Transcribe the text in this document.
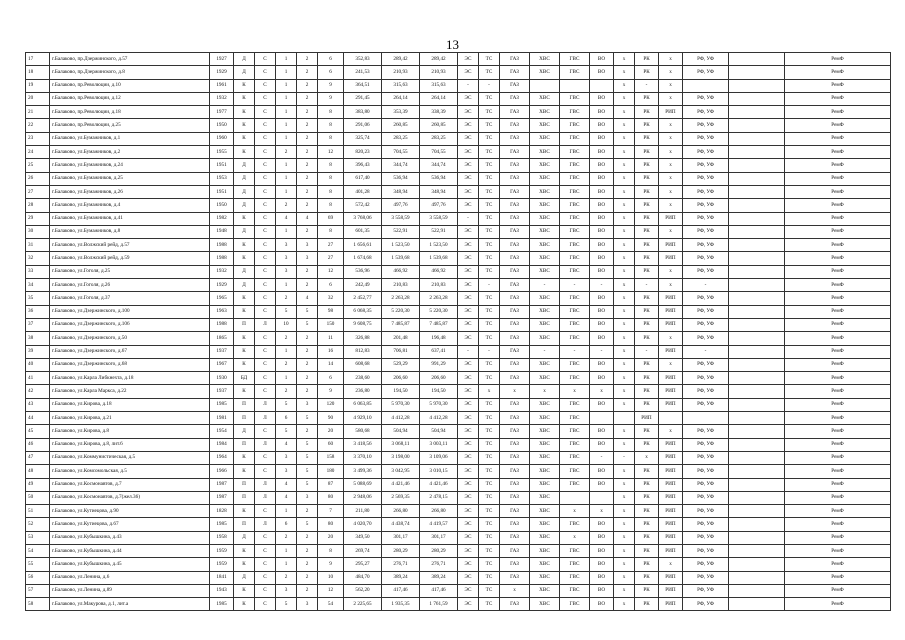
13
17	г.Балаково, пр.Дзержинского, д.57	1927	Д	С	1	2	6	352,83	289,42	289,42	ЭС	ТС	ГАЗ	ХВС	ГВС	ВО	х	РК	х	РФ, УФ		РемФ
18	г.Балаково, пр.Дзержинского, д.8	1929	Д	С	1	2	6	241,53	210,93	210,93	ЭС	ТС	ГАЗ	ХВС	ГВС	ВО	х	РК	х	РФ, УФ		РемФ
19	г.Балаково, пр.Революции, д.10	1961	К	С	1	2	9	364,51	315,63	315,63	-	-	ГАЗ				х	-	х			РемФ
20	г.Балаково, пр.Революции, д.12	1932	К	С	1	2	9	291,45	264,14	264,14	ЭС	ТС	ГАЗ	ХВС	ГВС	ВО	х	РК	х	РФ, УФ		РемФ
21	г.Балаково, пр.Революции, д.18	1977	К	С	1	2	8	383,80	353,39	338,39	ЭС	ТС	ГАЗ	ХВС	ГВС	ВО	х	РК	РИП	РФ, УФ		РемФ
22	г.Балаково, пр.Революции, д.25	1950	К	С	1	2	8	291,06	260,85	260,85	ЭС	ТС	ГАЗ	ХВС	ГВС	ВО	х	РК	х	РФ, УФ		РемФ
23	г.Балаково, ул.Бумажников, д.1	1960	К	С	1	2	8	325,74	283,25	283,25	ЭС	ТС	ГАЗ	ХВС	ГВС	ВО	х	РК	х	РФ, УФ		РемФ
24	г.Балаково, ул.Бумажников, д.2	1955	К	С	2	2	12	820,23	704,55	704,55	ЭС	ТС	ГАЗ	ХВС	ГВС	ВО	х	РК	х	РФ, УФ		РемФ
25	г.Балаково, ул.Бумажников, д.24	1951	Д	С	1	2	8	396,43	344,74	344,74	ЭС	ТС	ГАЗ	ХВС	ГВС	ВО	х	РК	х	РФ, УФ		РемФ
26	г.Балаково, ул.Бумажников, д.25	1953	Д	С	1	2	8	617,40	536,94	536,94	ЭС	ТС	ГАЗ	ХВС	ГВС	ВО	х	РК	х	РФ, УФ		РемФ
27	г.Балаково, ул.Бумажников, д.26	1951	Д	С	1	2	8	401,28	348,94	348,94	ЭС	ТС	ГАЗ	ХВС	ГВС	ВО	х	РК	х	РФ, УФ		РемФ
28	г.Балаково, ул.Бумажников, д.4	1950	Д	С	2	2	8	572,42	497,76	497,76	ЭС	ТС	ГАЗ	ХВС	ГВС	ВО	х	РК	х	РФ, УФ		РемФ
29	г.Балаково, ул.Бумажников, д.41	1982	К	С	4	4	69	3 768,06	3 558,59	3 558,59	-	ТС	ГАЗ	ХВС	ГВС	ВО	х	РК	РИП	РФ, УФ		РемФ
30	г.Балаково, ул.Бумажников, д.8	1948	Д	С	1	2	8	601,35	522,91	522,91	ЭС	ТС	ГАЗ	ХВС	ГВС	ВО	х	РК	х	РФ, УФ		РемФ
31	г.Балаково, ул.Волжский рейд, д.57	1988	К	С	3	3	27	1 656,61	1 523,50	1 523,50	ЭС	ТС	ГАЗ	ХВС	ГВС	ВО	х	РК	РИП	РФ, УФ		РемФ
32	г.Балаково, ул.Волжский рейд, д.59	1988	К	С	3	3	27	1 674,68	1 539,68	1 539,68	ЭС	ТС	ГАЗ	ХВС	ГВС	ВО	х	РК	РИП	РФ, УФ		РемФ
33	г.Балаково, ул.Гоголя, д.25	1932	Д	С	3	2	12	536,96	466,92	466,92	ЭС	ТС	ГАЗ	ХВС	ГВС	ВО	х	РК	х	РФ, УФ		РемФ
34	г.Балаково, ул.Гоголя, д.26	1929	Д	С	1	2	6	242,49	210,83	210,83	ЭС	-	ГАЗ	-	-	-	х	-	х	-		РемФ
35	г.Балаково, ул.Гоголя, д.37	1965	К	С	2	4	32	2 452,77	2 263,28	2 263,28	ЭС	ТС	ГАЗ	ХВС	ГВС	ВО	х	РК	РИП	РФ, УФ		РемФ
36	г.Балаково, ул.Дзержинского, д.100	1963	К	С	5	5	98	6 068,35	5 220,30	5 220,30	ЭС	ТС	ГАЗ	ХВС	ГВС	ВО	х	РК	РИП	РФ, УФ		РемФ
37	г.Балаково, ул.Дзержинского, д.106	1988	П	Л	10	5	150	9 608,75	7 485,87	7 485,87	ЭС	ТС	ГАЗ	ХВС	ГВС	ВО	х	РК	РИП	РФ, УФ		РемФ
38	г.Балаково, ул.Дзержинского, д.50	1865	К	С	2	2	11	326,88	201,48	196,48	ЭС	ТС	ГАЗ	ХВС	ГВС	ВО	х	РК	х	РФ, УФ		РемФ
39	г.Балаково, ул.Дзержинского, д.67	1937	К	С	1	2	16	812,83	706,81	637,41	-	-	ГАЗ	-	-	-	х	-	РИП	-		РемФ
40	г.Балаково, ул.Дзержинского, д.68	1967	К	С	2	2	14	608,68	529,29	991,29	ЭС	ТС	ГАЗ	ХВС	ГВС	ВО	х	РК	х	РФ, УФ		РемФ
41	г.Балаково, ул.Карла Либкнехта, д.18	1930	БД	С	1	2	6	238,60	206,60	206,60	ЭС	ТС	ГАЗ	ХВС	ГВС	ВО	х	РК	РИП	РФ, УФ		РемФ
42	г.Балаково, ул.Карла Маркса, д.22	1937	К	С	2	2	9	236,80	194,50	194,50	ЭС	х	х	х	х	х	х	РК	РИП	РФ, УФ		РемФ
43	г.Балаково, ул.Кирова, д.18	1985	П	Л	5	3	120	6 063,85	5 970,30	5 970,30	ЭС	ТС	ГАЗ	ХВС	ГВС	ВО	х	РК	РИП	РФ, УФ		РемФ
44	г.Балаково, ул.Кирова, д.21	1981	П	Л	6	5	90	4 929,10	4 412,28	4 412,28	ЭС	ТС	ГАЗ	ХВС	ГВС			РИП				РемФ
45	г.Балаково, ул.Кирова, д.8	1954	Д	С	5	2	20	580,68	504,94	504,94	ЭС	ТС	ГАЗ	ХВС	ГВС	ВО	х	РК	х	РФ, УФ		РемФ
46	г.Балаково, ул.Кирова, д.8, лит.6	1984	П	Л	4	5	60	3 418,56	3 068,11	3 003,11	ЭС	ТС	ГАЗ	ХВС	ГВС	ВО	х	РК	РИП	РФ, УФ		РемФ
47	г.Балаково, ул.Коммунистическая, д.5	1964	К	С	3	5	158	3 370,10	3 198,00	3 109,06	ЭС	ТС	ГАЗ	ХВС	ГВС	-	-	х	РИП	РФ, УФ		РемФ
48	г.Балаково, ул.Комсомольская, д.5	1966	К	С	3	5	180	3 499,36	3 042,95	3 010,15	ЭС	ТС	ГАЗ	ХВС	ГВС	ВО	х	РК	РИП	РФ, УФ		РемФ
49	г.Балаково, ул.Космонавтов, д.7	1987	П	Л	4	5	87	5 088,69	4 421,46	4 421,46	ЭС	ТС	ГАЗ	ХВС	ГВС	ВО	х	РК	РИП	РФ, УФ		РемФ
50	г.Балаково, ул.Космонавтов, д.7(жел.36)	1987	П	Л	4	3	80	2 948,06	2 569,35	2 478,15	ЭС	ТС	ГАЗ	ХВС			х	РК	РИП	РФ, УФ		РемФ
51	г.Балаково, ул.Кутиецова, д.90	1828	К	С	1	2	7	211,80	266,80	266,80	ЭС	ТС	ГАЗ	ХВС	х	х	х	РК	РИП	РФ, УФ		РемФ
52	г.Балаково, ул.Кутиецова, д.67	1985	П	Л	6	5	80	4 020,70	4 438,74	4 419,57	ЭС	ТС	ГАЗ	ХВС	ГВС	ВО	х	РК	РИП	РФ, УФ		РемФ
53	г.Балаково, ул.Кубышкина, д.43	1958	Д	С	2	2	20	349,50	301,17	301,17	ЭС	ТС	ГАЗ	ХВС	х	ВО	х	РК	РИП	РФ, УФ		РемФ
54	г.Балаково, ул.Кубышкина, д.44	1959	К	С	1	2	8	269,74	280,29	280,29	ЭС	ТС	ГАЗ	ХВС	ГВС	ВО	х	РК	РИП	РФ, УФ		РемФ
55	г.Балаково, ул.Кубышкина, д.45	1959	К	С	1	2	9	295,27	276,71	276,71	ЭС	ТС	ГАЗ	ХВС	ГВС	ВО	х	РК	х	РФ, УФ		РемФ
56	г.Балаково, ул.Ленина, д.6	1841	Д	С	2	2	10	484,70	389,24	389,24	ЭС	ТС	ГАЗ	ХВС	ГВС	ВО	х	РК	РИП	РФ, УФ		РемФ
57	г.Балаково, ул.Ленина, д.89	1943	К	С	3	2	12	562,20	417,46	417,46	ЭС	ТС	х	ХВС	ГВС	ВО	х	РК	РИП	РФ, УФ		РемФ
58	г.Балаково, ул.Макурова, д.1, лит.а	1985	К	С	5	3	54	2 225,65	1 935,35	1 761,59	ЭС	ТС	ГАЗ	ХВС	ГВС	ВО	х	РК	РИП	РФ, УФ		РемФ
